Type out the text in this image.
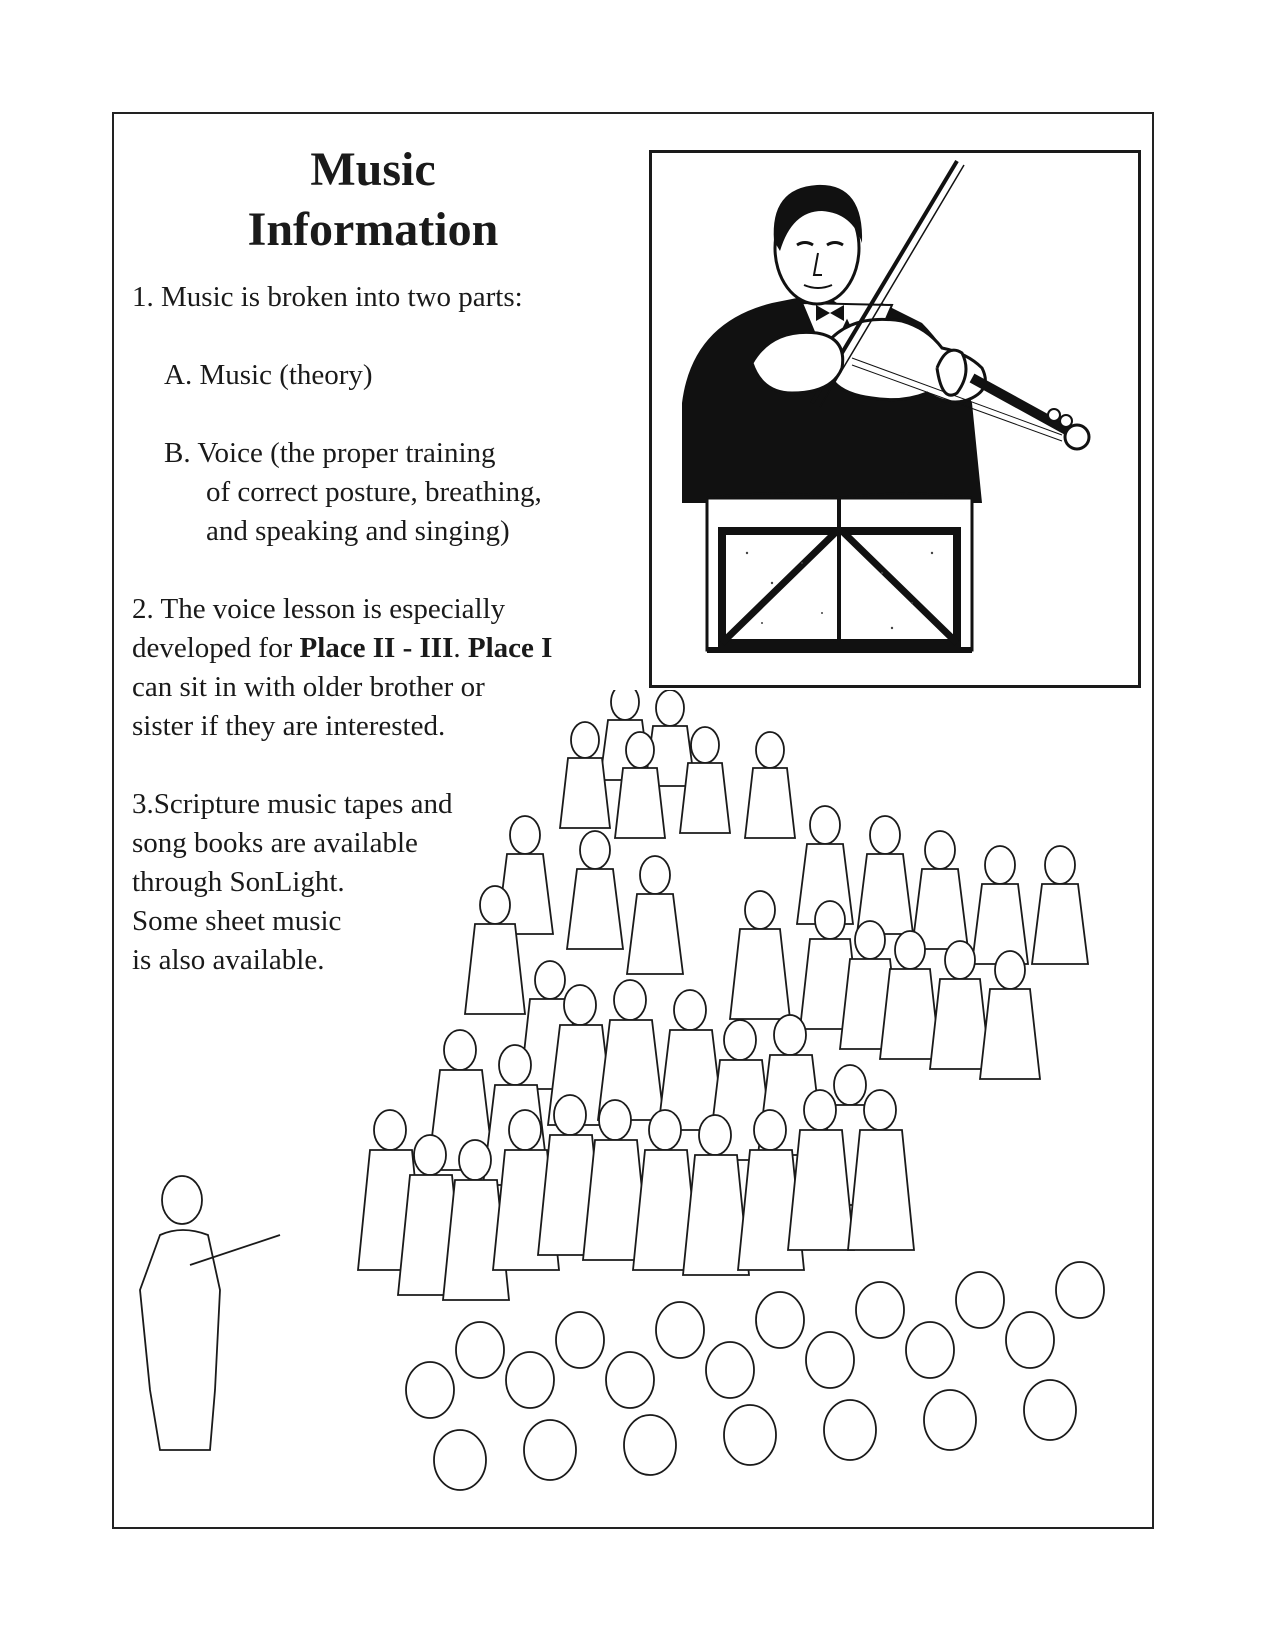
Music
Information

1. Music is broken into two parts:

A. Music (theory)

B. Voice (the proper training

of correct posture, breathing,

and speaking and singing)

2. The voice lesson is especially

developed for Place II - III. Place I

can sit in with older brother or

sister if they are interested.

3.Scripture music tapes and

song books are available

through SonLight.

Some sheet music

is also available.
